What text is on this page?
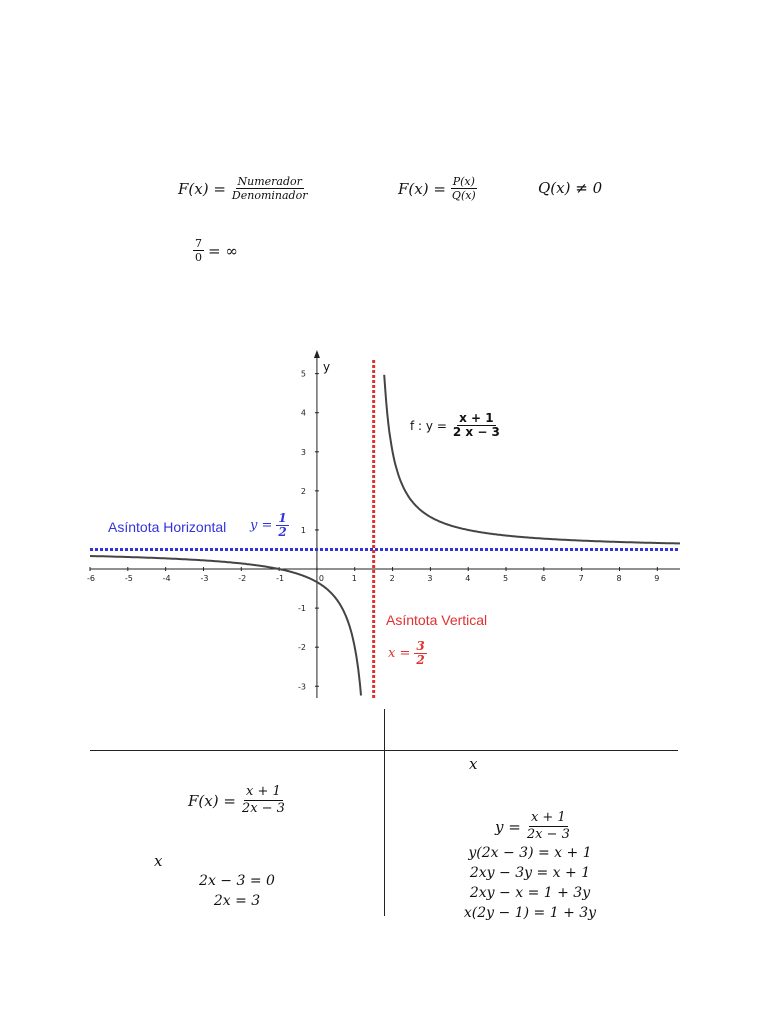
$F(x) = \frac{\text{Numerador}}{\text{Denominador}}$	$F(x) = \frac{P(x)}{Q(x)}$	Q(x) ≠ 0
$\frac{7}{0}$ = ∞
-6	-5	-4	-3	-2	-1	0	1	2	3	4	5	6	7	8	9
5
4
3
2
1
-1
-2
-3
y
f : $y = \frac{x + 1}{2 x - 3}$
Asíntota Horizontal $y = \frac{1}{2}$
Asíntota Vertical
$x = \frac{3}{2}$
x
$F(x) = \frac{x + 1}{2x - 3}$
x
2x − 3 = 0
2x = 3
$y = \frac{x + 1}{2x - 3}$
y(2x − 3) = x + 1
2xy − 3y = x + 1
2xy − x = 1 + 3y
x(2y − 1) = 1 + 3y
